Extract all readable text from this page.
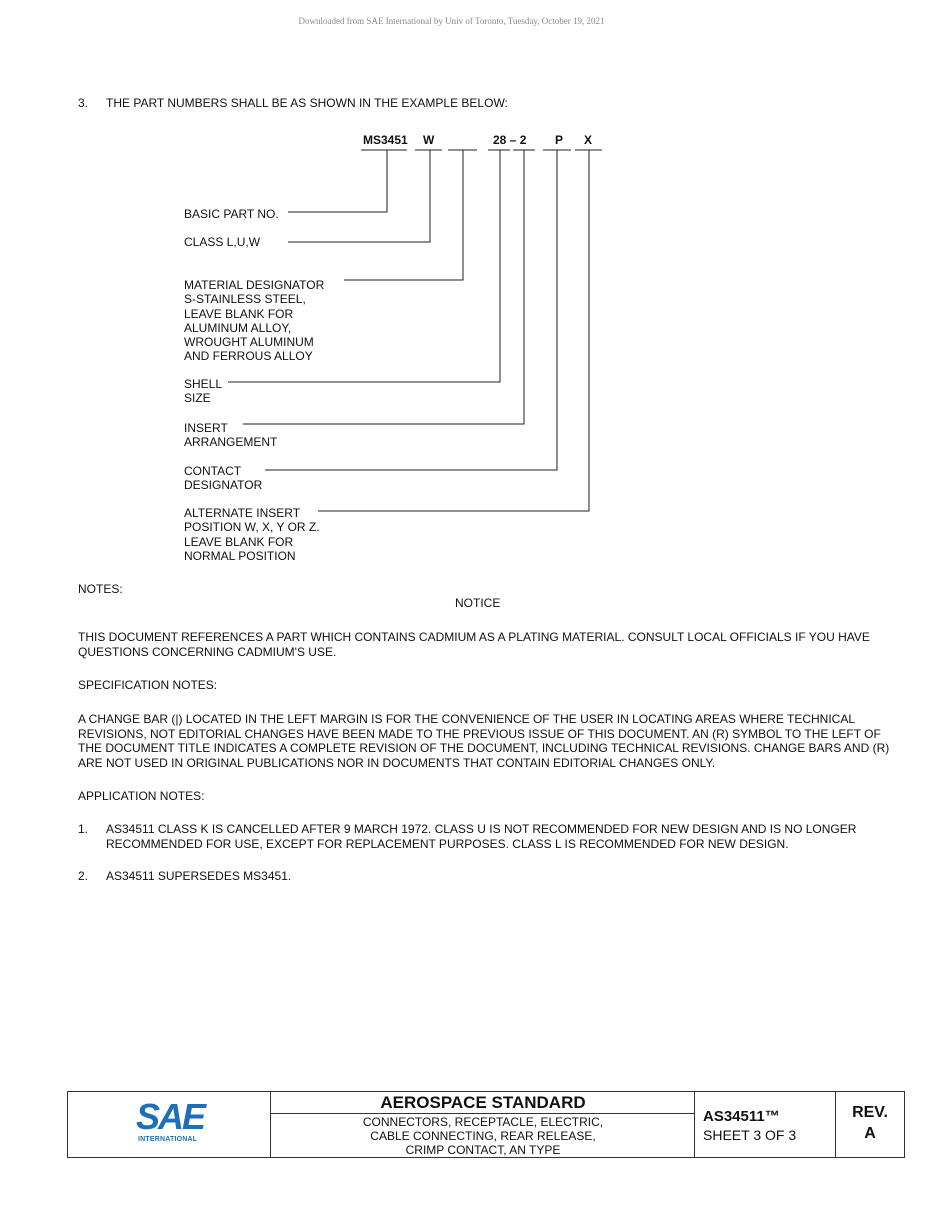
Downloaded from SAE International by Univ of Toronto, Tuesday, October 19, 2021
3. THE PART NUMBERS SHALL BE AS SHOWN IN THE EXAMPLE BELOW:
MS3451 W	28 – 2 P X
BASIC PART NO.
CLASS L,U,W
MATERIAL DESIGNATOR
S-STAINLESS STEEL,
LEAVE BLANK FOR
ALUMINUM ALLOY,
WROUGHT ALUMINUM
AND FERROUS ALLOY
SHELL
SIZE
INSERT
ARRANGEMENT
CONTACT
DESIGNATOR
ALTERNATE INSERT
POSITION W, X, Y OR Z.
LEAVE BLANK FOR
NORMAL POSITION
NOTES:
NOTICE
THIS DOCUMENT REFERENCES A PART WHICH CONTAINS CADMIUM AS A PLATING MATERIAL. CONSULT LOCAL OFFICIALS IF YOU HAVE QUESTIONS CONCERNING CADMIUM'S USE.
SPECIFICATION NOTES:
A CHANGE BAR (|) LOCATED IN THE LEFT MARGIN IS FOR THE CONVENIENCE OF THE USER IN LOCATING AREAS WHERE TECHNICAL REVISIONS, NOT EDITORIAL CHANGES HAVE BEEN MADE TO THE PREVIOUS ISSUE OF THIS DOCUMENT. AN (R) SYMBOL TO THE LEFT OF THE DOCUMENT TITLE INDICATES A COMPLETE REVISION OF THE DOCUMENT, INCLUDING TECHNICAL REVISIONS. CHANGE BARS AND (R) ARE NOT USED IN ORIGINAL PUBLICATIONS NOR IN DOCUMENTS THAT CONTAIN EDITORIAL CHANGES ONLY.
APPLICATION NOTES:
1. AS34511 CLASS K IS CANCELLED AFTER 9 MARCH 1972. CLASS U IS NOT RECOMMENDED FOR NEW DESIGN AND IS NO LONGER RECOMMENDED FOR USE, EXCEPT FOR REPLACEMENT PURPOSES. CLASS L IS RECOMMENDED FOR NEW DESIGN.
2. AS34511 SUPERSEDES MS3451.
SAE
INTERNATIONAL
AEROSPACE STANDARD
CONNECTORS, RECEPTACLE, ELECTRIC,
CABLE CONNECTING, REAR RELEASE,
CRIMP CONTACT, AN TYPE
AS34511™
SHEET 3 OF 3
REV.
A
